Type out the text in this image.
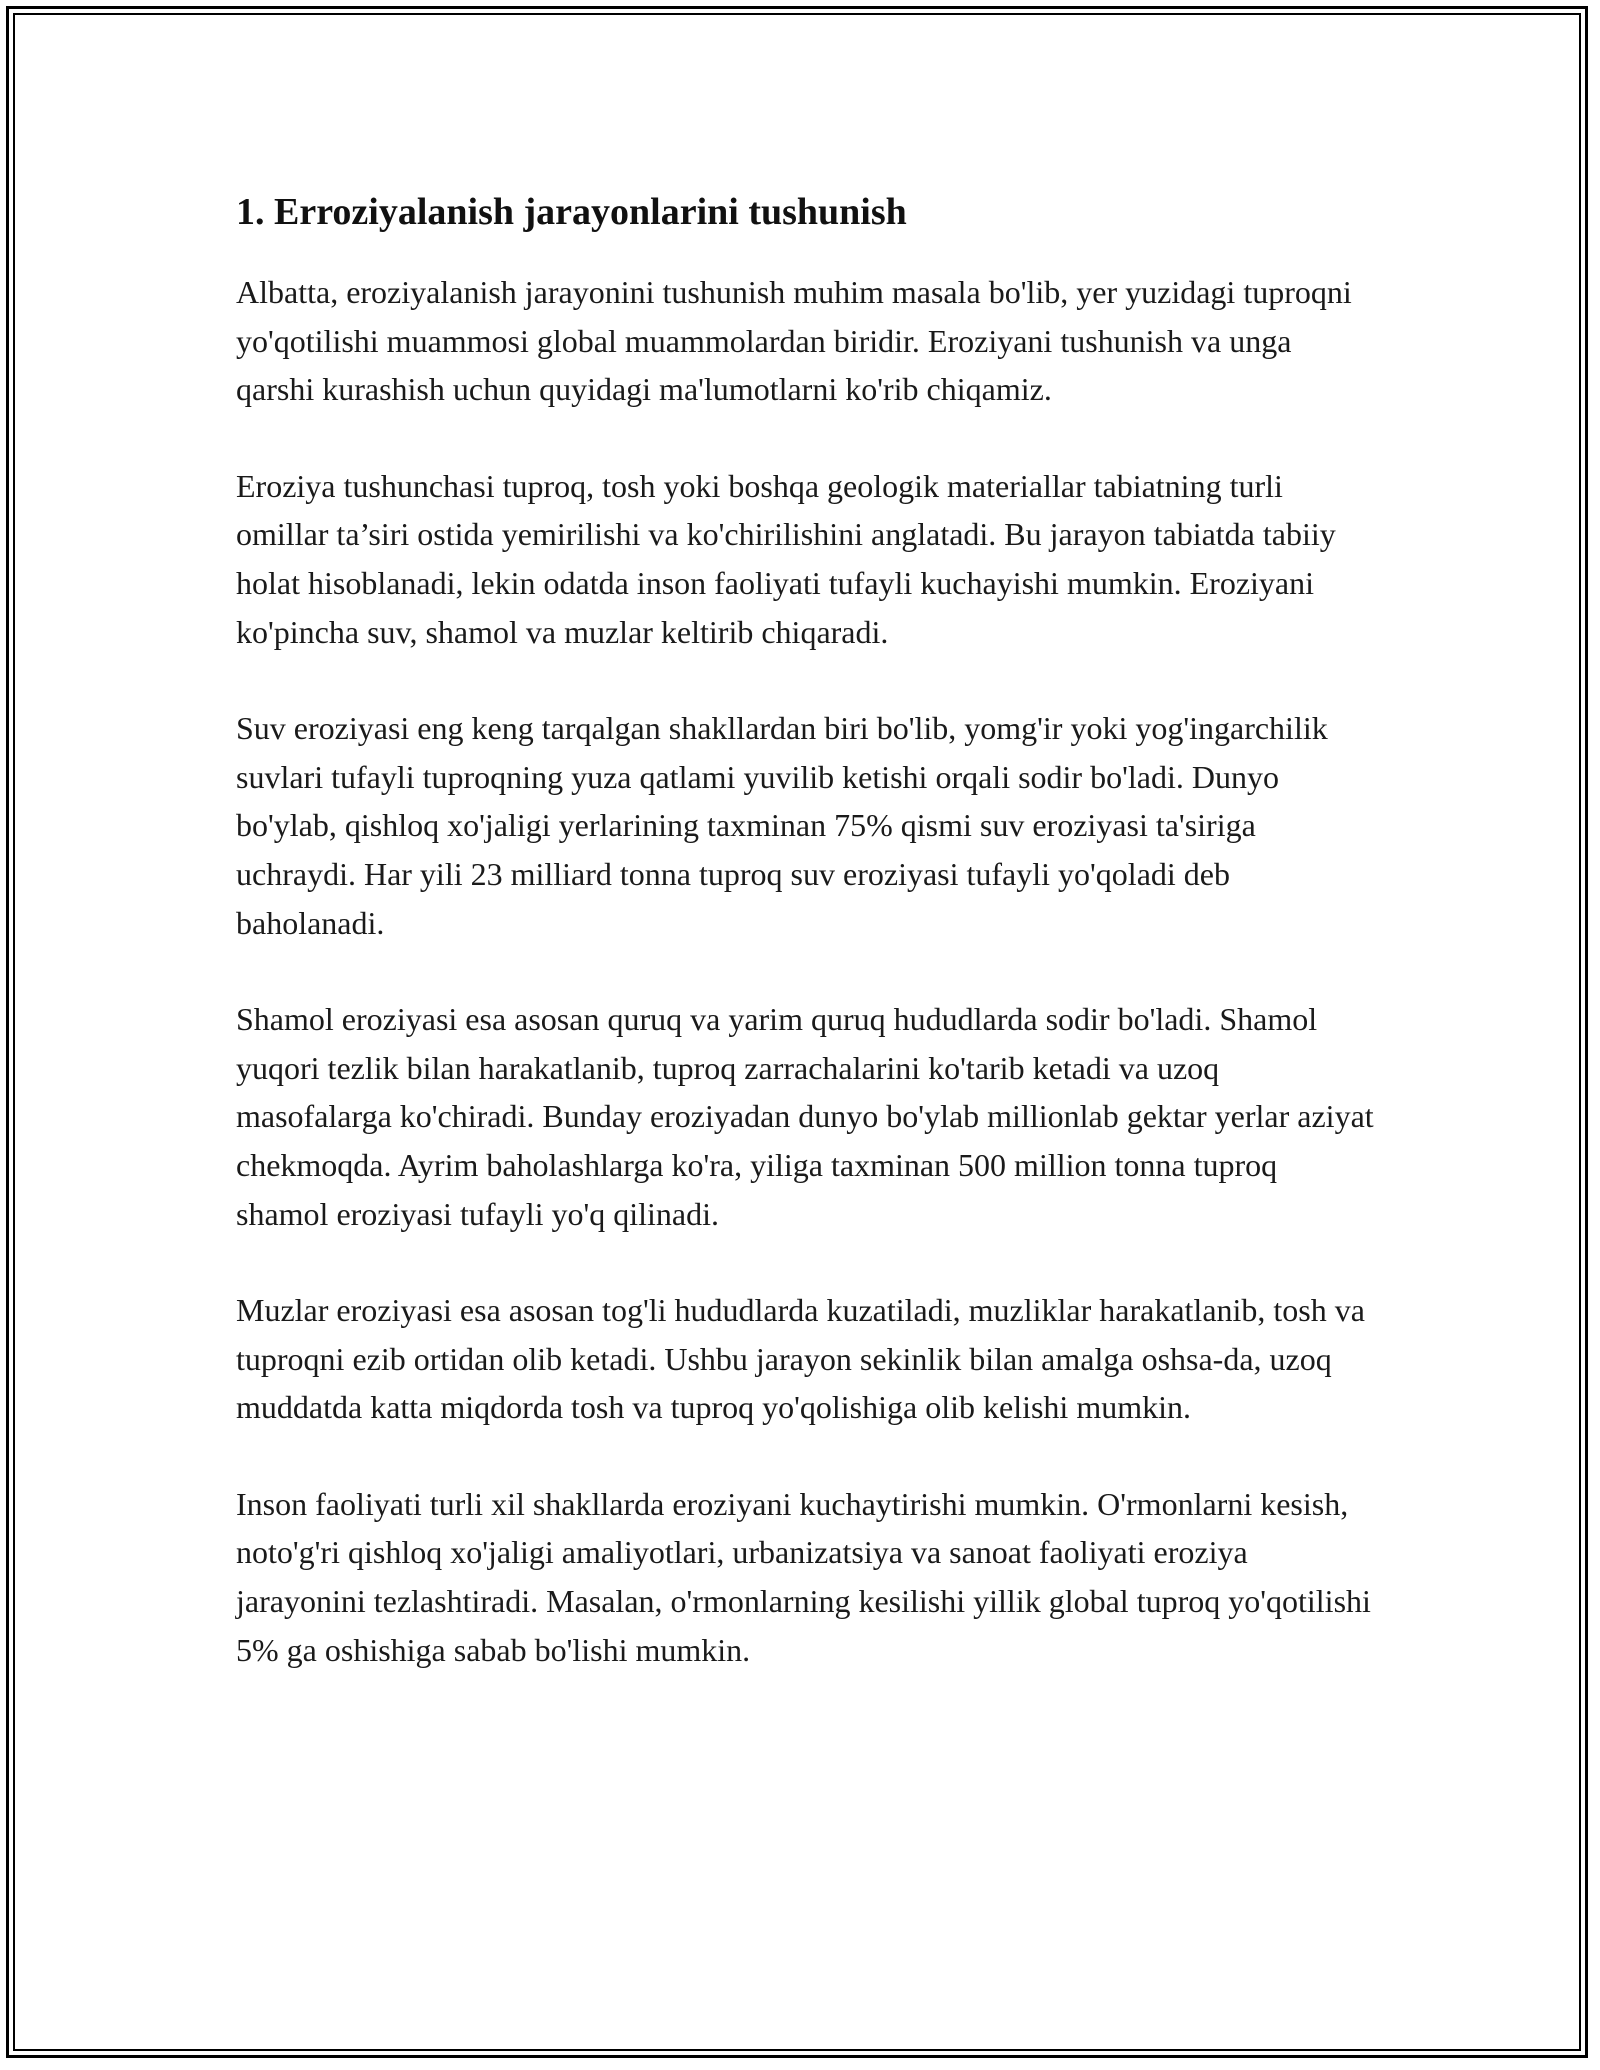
1. Erroziyalanish jarayonlarini tushunish

Albatta, eroziyalanish jarayonini tushunish muhim masala bo'lib, yer yuzidagi tuproqni yo'qotilishi muammosi global muammolardan biridir. Eroziyani tushunish va unga qarshi kurashish uchun quyidagi ma'lumotlarni ko'rib chiqamiz.

Eroziya tushunchasi tuproq, tosh yoki boshqa geologik materiallar tabiatning turli omillar ta’siri ostida yemirilishi va ko'chirilishini anglatadi. Bu jarayon tabiatda tabiiy holat hisoblanadi, lekin odatda inson faoliyati tufayli kuchayishi mumkin. Eroziyani ko'pincha suv, shamol va muzlar keltirib chiqaradi.

Suv eroziyasi eng keng tarqalgan shakllardan biri bo'lib, yomg'ir yoki yog'ingarchilik suvlari tufayli tuproqning yuza qatlami yuvilib ketishi orqali sodir bo'ladi. Dunyo bo'ylab, qishloq xo'jaligi yerlarining taxminan 75% qismi suv eroziyasi ta'siriga uchraydi. Har yili 23 milliard tonna tuproq suv eroziyasi tufayli yo'qoladi deb baholanadi.

Shamol eroziyasi esa asosan quruq va yarim quruq hududlarda sodir bo'ladi. Shamol yuqori tezlik bilan harakatlanib, tuproq zarrachalarini ko'tarib ketadi va uzoq masofalarga ko'chiradi. Bunday eroziyadan dunyo bo'ylab millionlab gektar yerlar aziyat chekmoqda. Ayrim baholashlarga ko'ra, yiliga taxminan 500 million tonna tuproq shamol eroziyasi tufayli yo'q qilinadi.

Muzlar eroziyasi esa asosan tog'li hududlarda kuzatiladi, muzliklar harakatlanib, tosh va tuproqni ezib ortidan olib ketadi. Ushbu jarayon sekinlik bilan amalga oshsa-da, uzoq muddatda katta miqdorda tosh va tuproq yo'qolishiga olib kelishi mumkin.

Inson faoliyati turli xil shakllarda eroziyani kuchaytirishi mumkin. O'rmonlarni kesish, noto'g'ri qishloq xo'jaligi amaliyotlari, urbanizatsiya va sanoat faoliyati eroziya jarayonini tezlashtiradi. Masalan, o'rmonlarning kesilishi yillik global tuproq yo'qotilishi 5% ga oshishiga sabab bo'lishi mumkin.
